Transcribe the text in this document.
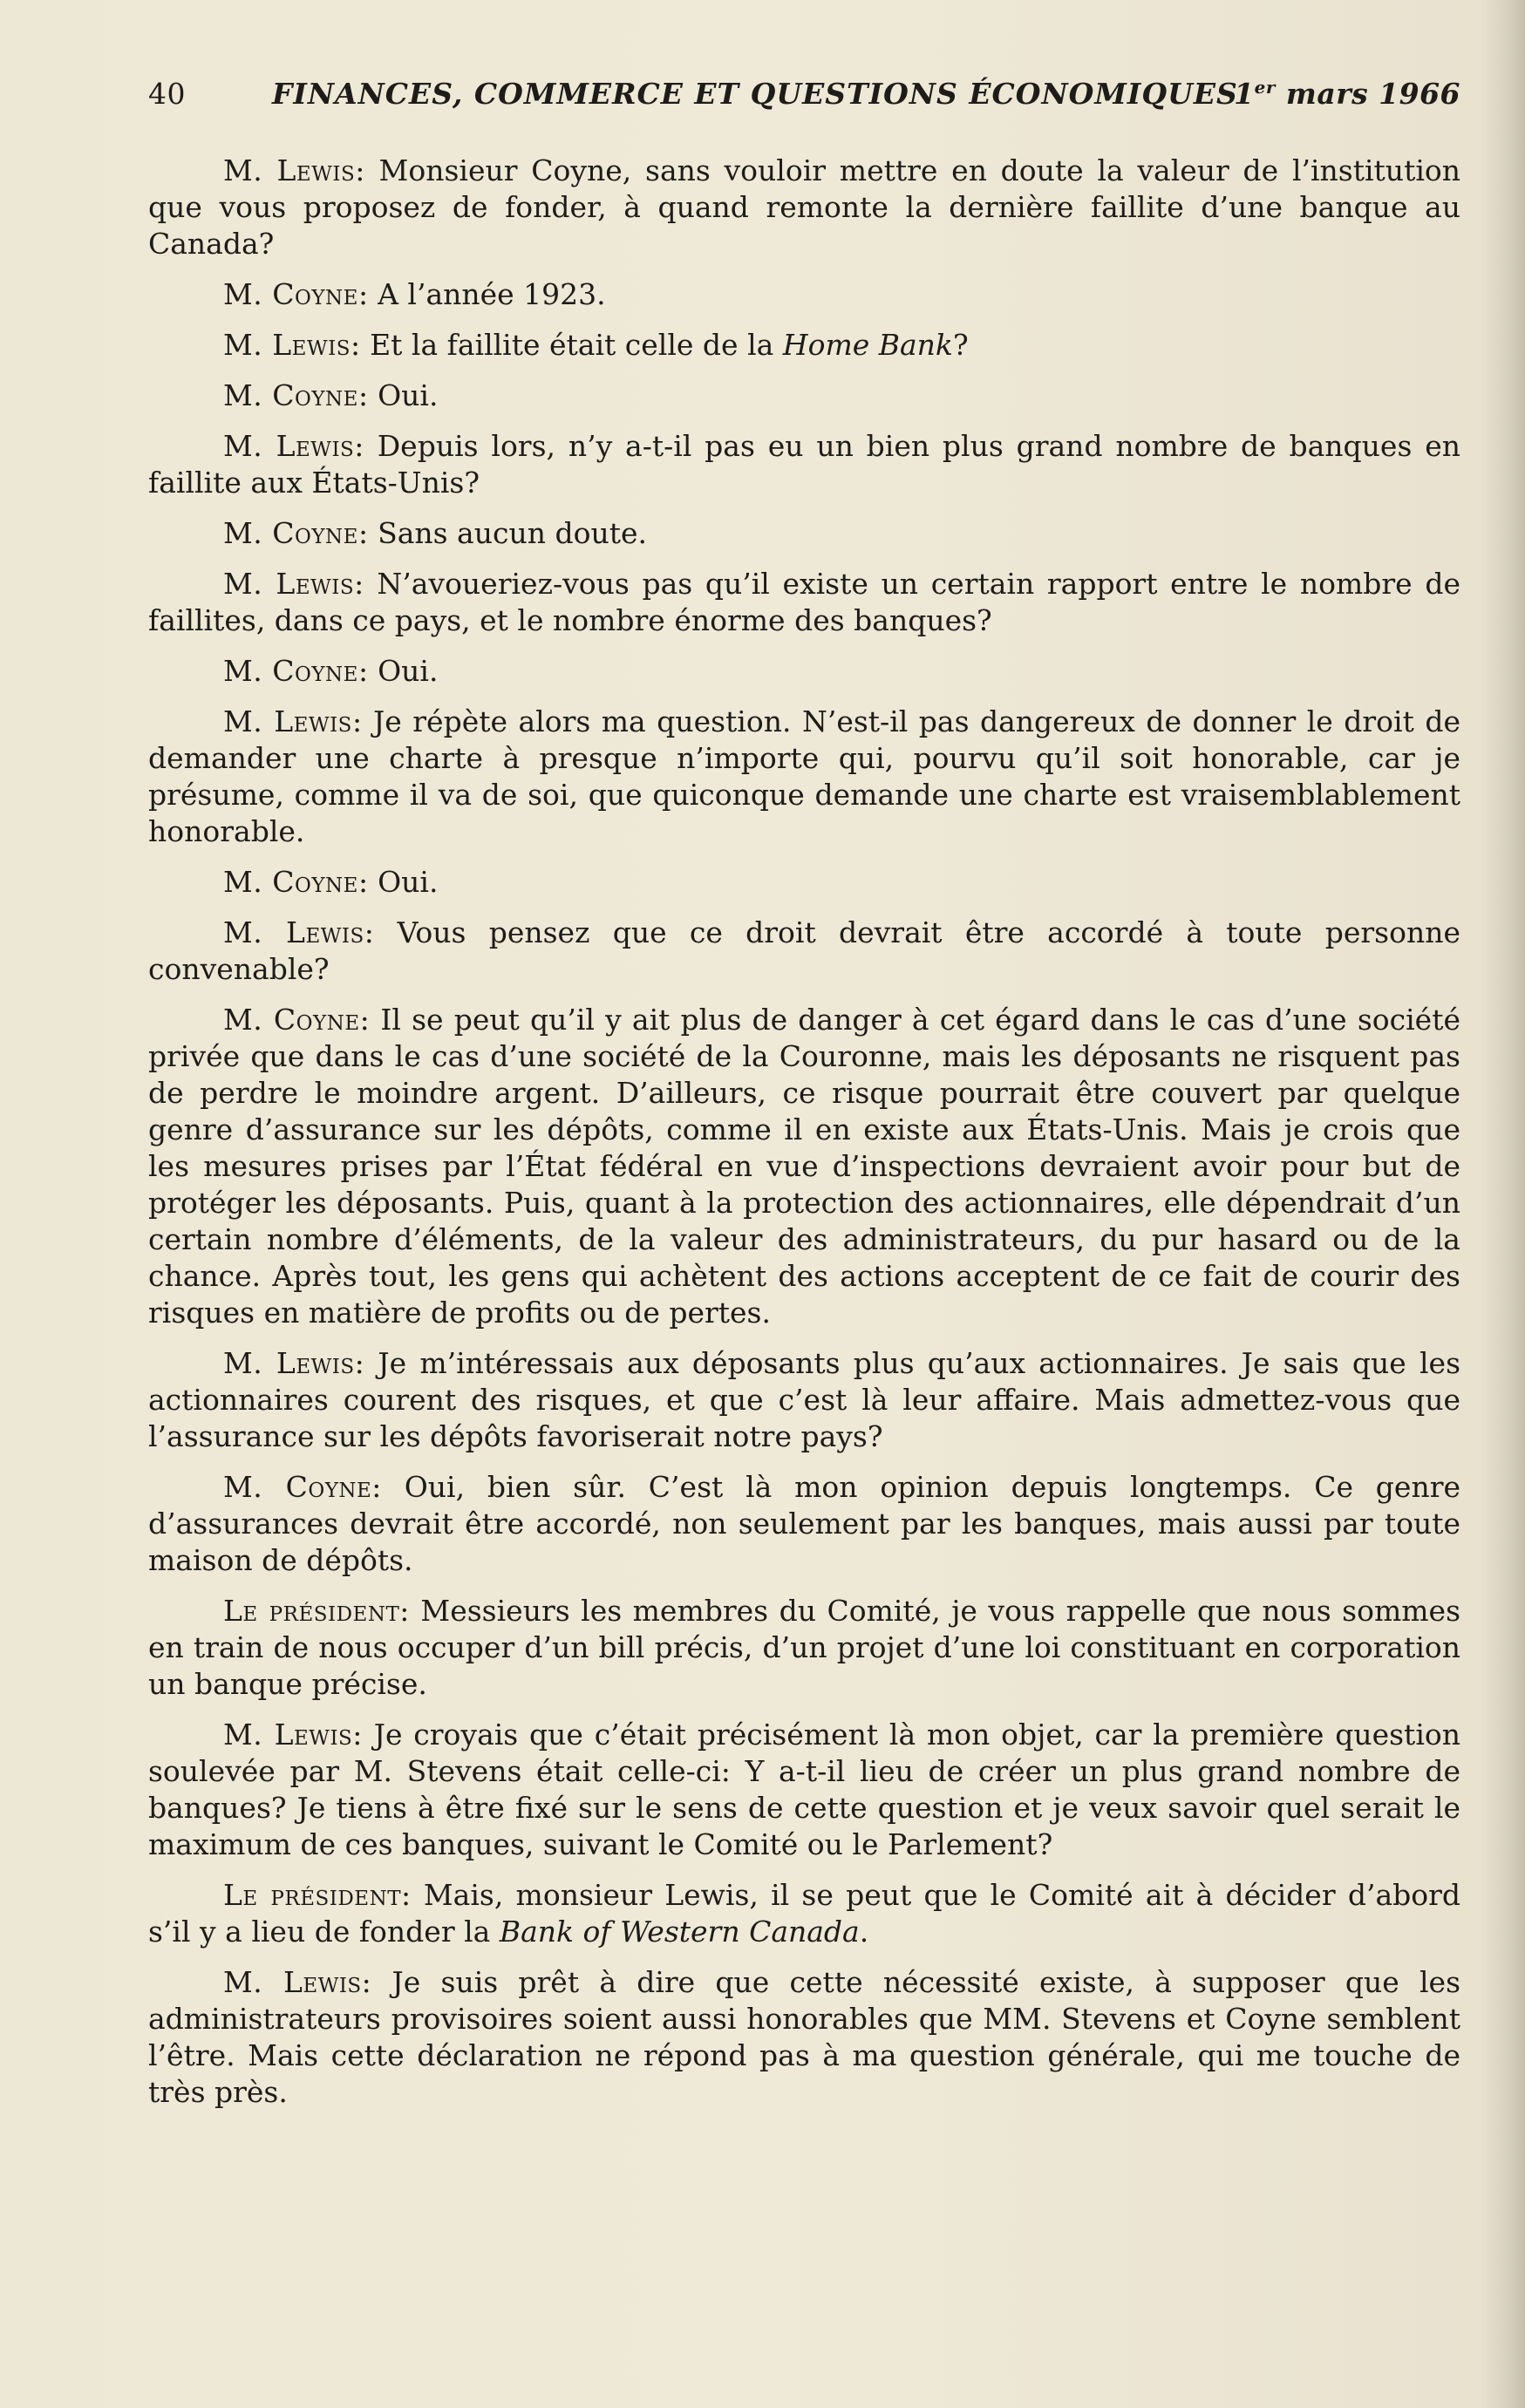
40	FINANCES, COMMERCE ET QUESTIONS ÉCONOMIQUES
1er mars 1966
M. Lewis: Monsieur Coyne, sans vouloir mettre en doute la valeur de l’institution que vous proposez de fonder, à quand remonte la dernière faillite d’une banque au Canada?
M. Coyne: A l’année 1923.
M. Lewis: Et la faillite était celle de la Home Bank?
M. Coyne: Oui.
M. Lewis: Depuis lors, n’y a-t-il pas eu un bien plus grand nombre de banques en faillite aux États-Unis?
M. Coyne: Sans aucun doute.
M. Lewis: N’avoueriez-vous pas qu’il existe un certain rapport entre le nombre de faillites, dans ce pays, et le nombre énorme des banques?
M. Coyne: Oui.
M. Lewis: Je répète alors ma question. N’est-il pas dangereux de donner le droit de demander une charte à presque n’importe qui, pourvu qu’il soit honorable, car je présume, comme il va de soi, que quiconque demande une charte est vraisemblablement honorable.
M. Coyne: Oui.
M. Lewis: Vous pensez que ce droit devrait être accordé à toute personne convenable?
M. Coyne: Il se peut qu’il y ait plus de danger à cet égard dans le cas d’une société privée que dans le cas d’une société de la Couronne, mais les déposants ne risquent pas de perdre le moindre argent. D’ailleurs, ce risque pourrait être couvert par quelque genre d’assurance sur les dépôts, comme il en existe aux États-Unis. Mais je crois que les mesures prises par l’État fédéral en vue d’inspections devraient avoir pour but de protéger les déposants. Puis, quant à la protection des actionnaires, elle dépendrait d’un certain nombre d’éléments, de la valeur des administrateurs, du pur hasard ou de la chance. Après tout, les gens qui achètent des actions acceptent de ce fait de courir des risques en matière de profits ou de pertes.
M. Lewis: Je m’intéressais aux déposants plus qu’aux actionnaires. Je sais que les actionnaires courent des risques, et que c’est là leur affaire. Mais admettez-vous que l’assurance sur les dépôts favoriserait notre pays?
M. Coyne: Oui, bien sûr. C’est là mon opinion depuis longtemps. Ce genre d’assurances devrait être accordé, non seulement par les banques, mais aussi par toute maison de dépôts.
Le président: Messieurs les membres du Comité, je vous rappelle que nous sommes en train de nous occuper d’un bill précis, d’un projet d’une loi constituant en corporation un banque précise.
M. Lewis: Je croyais que c’était précisément là mon objet, car la première question soulevée par M. Stevens était celle-ci: Y a-t-il lieu de créer un plus grand nombre de banques? Je tiens à être fixé sur le sens de cette question et je veux savoir quel serait le maximum de ces banques, suivant le Comité ou le Parlement?
Le président: Mais, monsieur Lewis, il se peut que le Comité ait à décider d’abord s’il y a lieu de fonder la Bank of Western Canada.
M. Lewis: Je suis prêt à dire que cette nécessité existe, à supposer que les administrateurs provisoires soient aussi honorables que MM. Stevens et Coyne semblent l’être. Mais cette déclaration ne répond pas à ma question générale, qui me touche de très près.
